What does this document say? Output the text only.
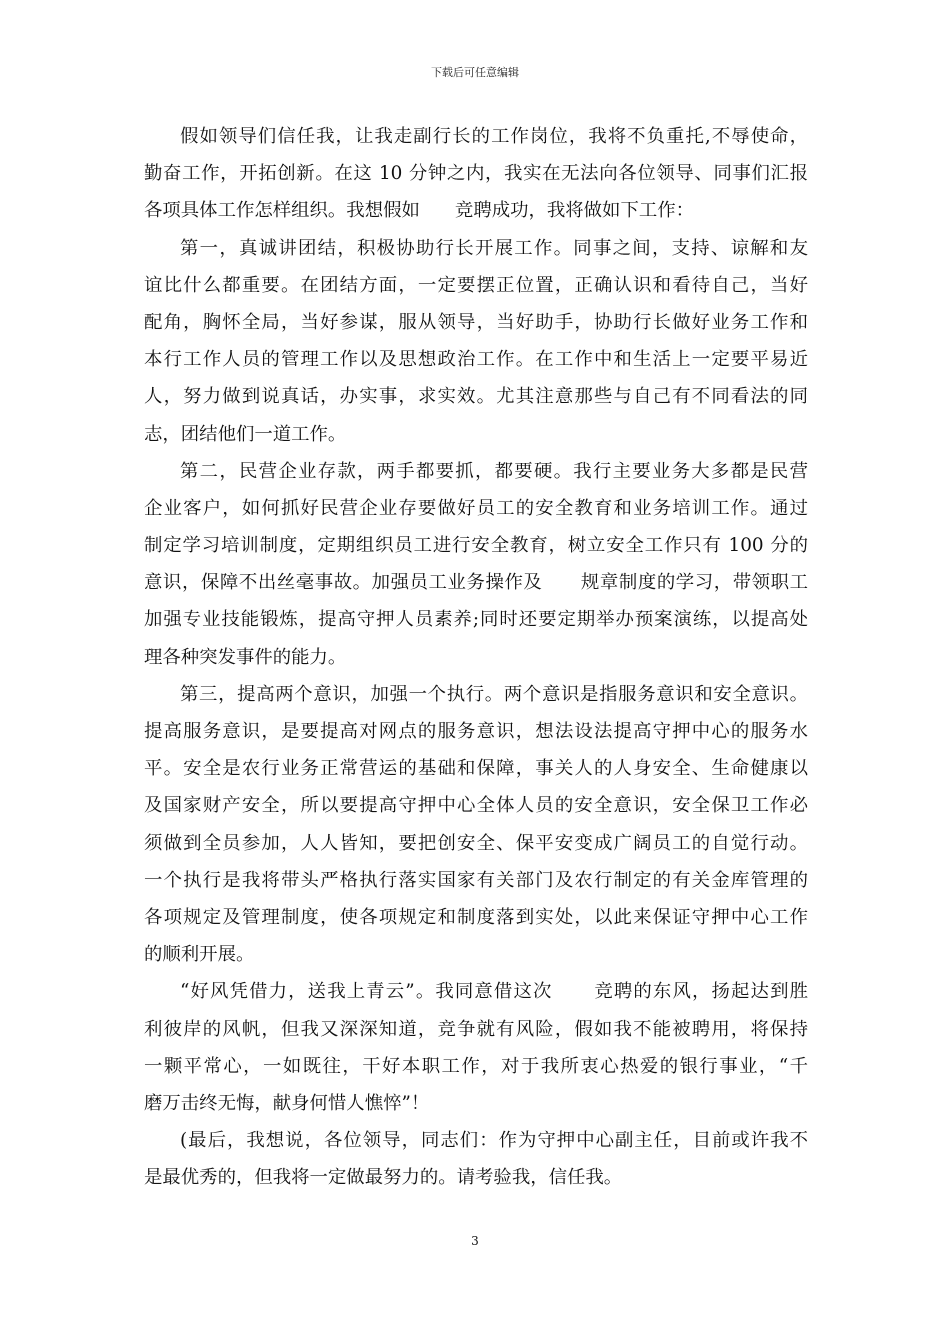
下载后可任意编辑
假如领导们信任我，让我走副行长的工作岗位，我将不负重托,不辱使命，
勤奋工作，开拓创新。在这 10 分钟之内，我实在无法向各位领导、同事们汇报
各项具体工作怎样组织。我想假如      竞聘成功，我将做如下工作：
第一，真诚讲团结，积极协助行长开展工作。同事之间，支持、谅解和友
谊比什么都重要。在团结方面，一定要摆正位置，正确认识和看待自己，当好
配角，胸怀全局，当好参谋，服从领导，当好助手，协助行长做好业务工作和
本行工作人员的管理工作以及思想政治工作。在工作中和生活上一定要平易近
人，努力做到说真话，办实事，求实效。尤其注意那些与自己有不同看法的同
志，团结他们一道工作。
第二，民营企业存款，两手都要抓，都要硬。我行主要业务大多都是民营
企业客户，如何抓好民营企业存要做好员工的安全教育和业务培训工作。通过
制定学习培训制度，定期组织员工进行安全教育，树立安全工作只有 100 分的
意识，保障不出丝毫事故。加强员工业务操作及      规章制度的学习，带领职工
加强专业技能锻炼，提高守押人员素养;同时还要定期举办预案演练，以提高处
理各种突发事件的能力。
第三，提高两个意识，加强一个执行。两个意识是指服务意识和安全意识。
提高服务意识，是要提高对网点的服务意识，想法设法提高守押中心的服务水
平。安全是农行业务正常营运的基础和保障，事关人的人身安全、生命健康以
及国家财产安全，所以要提高守押中心全体人员的安全意识，安全保卫工作必
须做到全员参加，人人皆知，要把创安全、保平安变成广阔员工的自觉行动。
一个执行是我将带头严格执行落实国家有关部门及农行制定的有关金库管理的
各项规定及管理制度，使各项规定和制度落到实处，以此来保证守押中心工作
的顺利开展。
“好风凭借力，送我上青云”。我同意借这次      竞聘的东风，扬起达到胜
利彼岸的风帆，但我又深深知道，竞争就有风险，假如我不能被聘用，将保持
一颗平常心，一如既往，干好本职工作，对于我所衷心热爱的银行事业，“千
磨万击终无悔，献身何惜人憔悴”！
(最后，我想说，各位领导，同志们：作为守押中心副主任，目前或许我不
是最优秀的，但我将一定做最努力的。请考验我，信任我。
3
